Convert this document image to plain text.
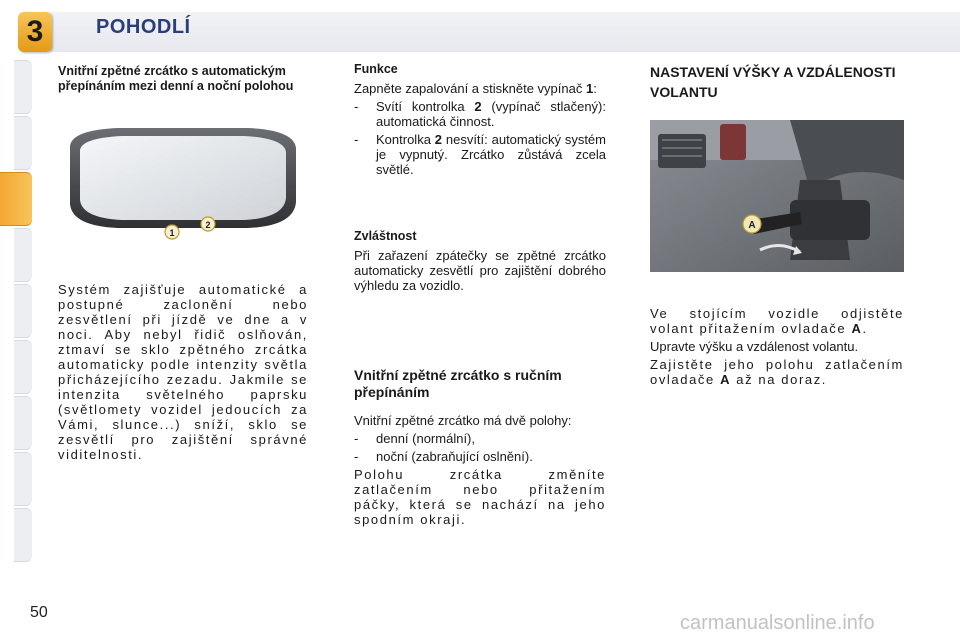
3	POHODLÍ

Vnitřní zpětné zrcátko s automatickým přepínáním mezi denní a noční polohou

1
2

Systém zajišťuje automatické a postupné zaclonění nebo zesvětlení při jízdě ve dne a v noci. Aby nebyl řidič oslňován, ztmaví se sklo zpětného zrcátka automaticky podle intenzity světla přicházejícího zezadu. Jakmile se intenzita světelného paprsku (světlomety vozidel jedoucích za Vámi, slunce...) sníží, sklo se zesvětlí pro zajištění správné viditelnosti.

Funkce

Zapněte zapalování a stiskněte vypínač 1:

-	Svítí kontrolka 2 (vypínač stlačený): automatická činnost.
-	Kontrolka 2 nesvítí: automatický systém je vypnutý. Zrcátko zůstává zcela světlé.

Zvláštnost

Při zařazení zpátečky se zpětné zrcátko automaticky zesvětlí pro zajištění dobrého výhledu za vozidlo.

Vnitřní zpětné zrcátko s ručním přepínáním

Vnitřní zpětné zrcátko má dvě polohy:

-	denní (normální),
-	noční (zabraňující oslnění).

Polohu zrcátka změníte zatlačením nebo přitažením páčky, která se nachází na jeho spodním okraji.

NASTAVENÍ VÝŠKY A VZDÁLENOSTI VOLANTU

A

Ve stojícím vozidle odjistěte volant přitažením ovladače A.

Upravte výšku a vzdálenost volantu.

Zajistěte jeho polohu zatlačením ovladače A až na doraz.

50	carmanualsonline.info
